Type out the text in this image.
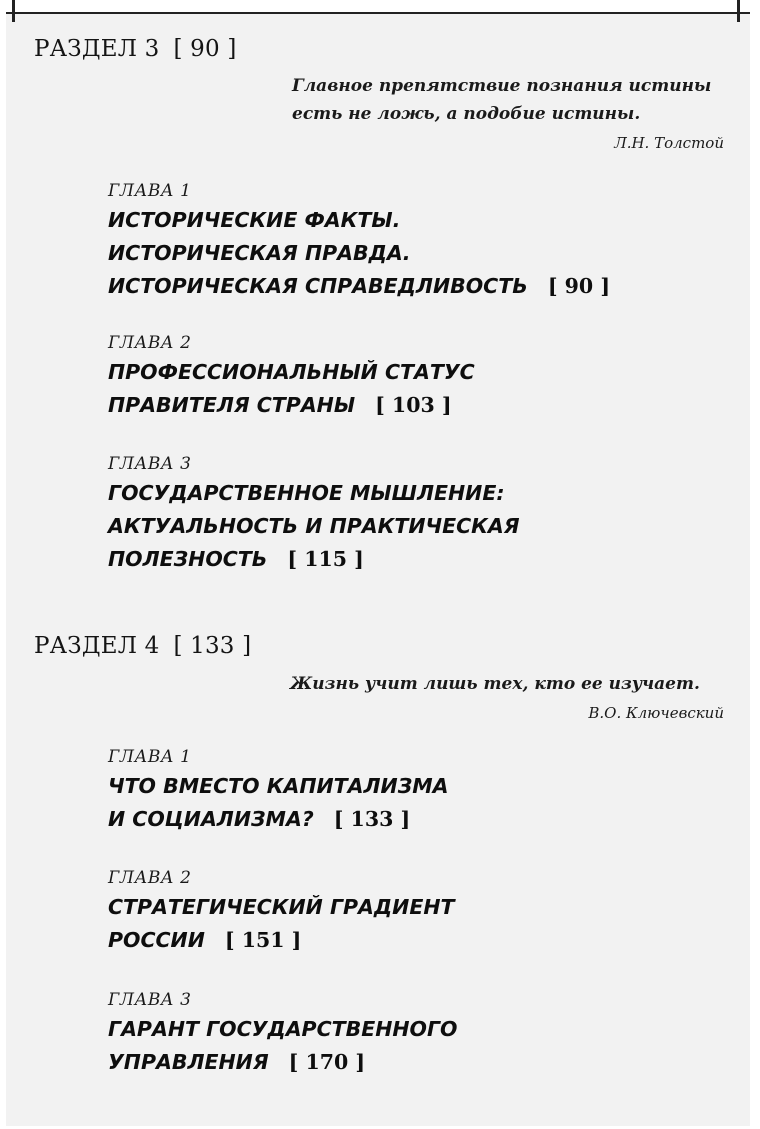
РАЗДЕЛ 3 [ 90 ]
Главное препятствие познания истины
есть не ложь, а подобие истины.
Л.Н. Толстой
ГЛАВА 1
ИСТОРИЧЕСКИЕ ФАКТЫ.
ИСТОРИЧЕСКАЯ ПРАВДА.
ИСТОРИЧЕСКАЯ СПРАВЕДЛИВОСТЬ [ 90 ]
ГЛАВА 2
ПРОФЕССИОНАЛЬНЫЙ СТАТУС
ПРАВИТЕЛЯ СТРАНЫ [ 103 ]
ГЛАВА 3
ГОСУДАРСТВЕННОЕ МЫШЛЕНИЕ:
АКТУАЛЬНОСТЬ И ПРАКТИЧЕСКАЯ
ПОЛЕЗНОСТЬ [ 115 ]
РАЗДЕЛ 4 [ 133 ]
Жизнь учит лишь тех, кто ее изучает.
В.О. Ключевский
ГЛАВА 1
ЧТО ВМЕСТО КАПИТАЛИЗМА
И СОЦИАЛИЗМА? [ 133 ]
ГЛАВА 2
СТРАТЕГИЧЕСКИЙ ГРАДИЕНТ
РОССИИ [ 151 ]
ГЛАВА 3
ГАРАНТ ГОСУДАРСТВЕННОГО
УПРАВЛЕНИЯ [ 170 ]
